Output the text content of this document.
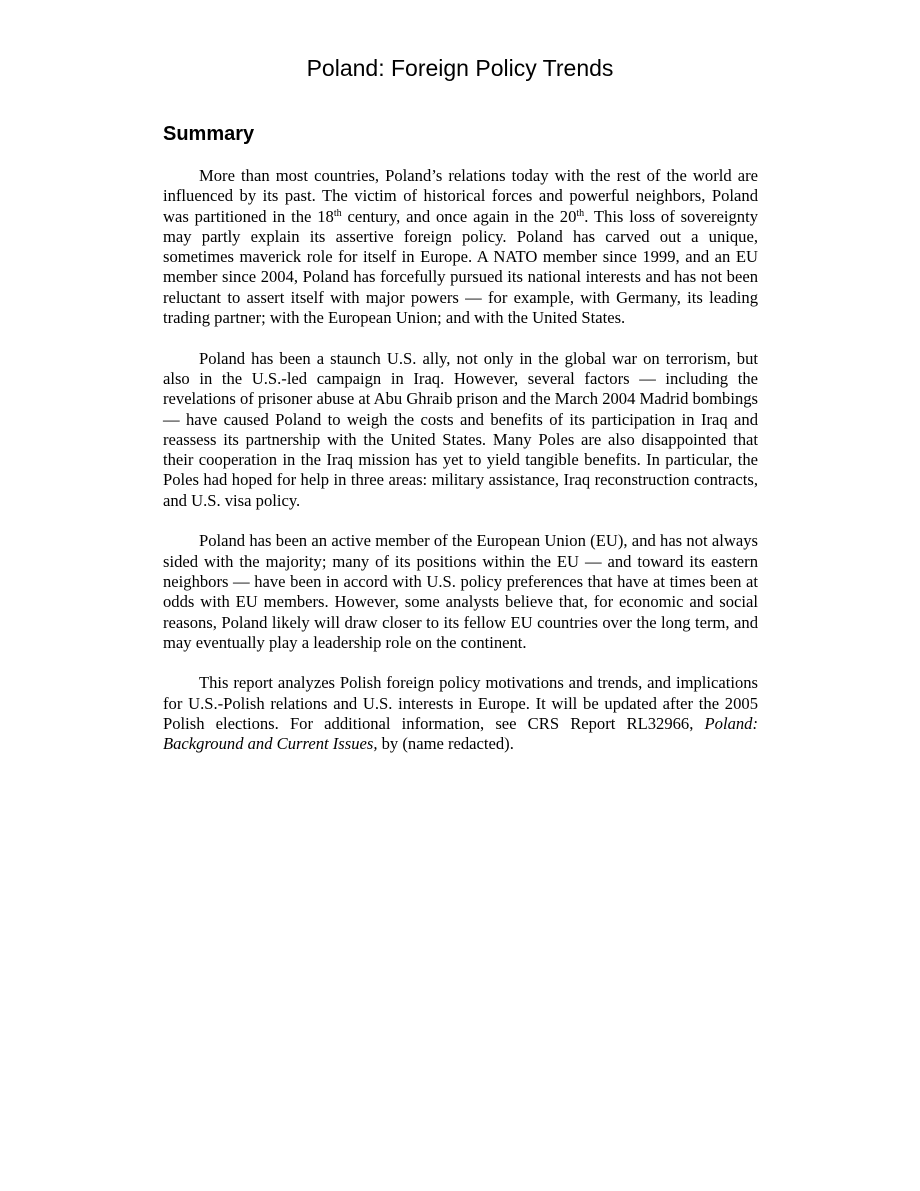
Poland: Foreign Policy Trends
Summary

More than most countries, Poland’s relations today with the rest of the world are influenced by its past. The victim of historical forces and powerful neighbors, Poland was partitioned in the 18th century, and once again in the 20th. This loss of sovereignty may partly explain its assertive foreign policy. Poland has carved out a unique, sometimes maverick role for itself in Europe. A NATO member since 1999, and an EU member since 2004, Poland has forcefully pursued its national interests and has not been reluctant to assert itself with major powers — for example, with Germany, its leading trading partner; with the European Union; and with the United States.

Poland has been a staunch U.S. ally, not only in the global war on terrorism, but also in the U.S.-led campaign in Iraq. However, several factors — including the revelations of prisoner abuse at Abu Ghraib prison and the March 2004 Madrid bombings — have caused Poland to weigh the costs and benefits of its participation in Iraq and reassess its partnership with the United States. Many Poles are also disappointed that their cooperation in the Iraq mission has yet to yield tangible benefits. In particular, the Poles had hoped for help in three areas: military assistance, Iraq reconstruction contracts, and U.S. visa policy.

Poland has been an active member of the European Union (EU), and has not always sided with the majority; many of its positions within the EU — and toward its eastern neighbors — have been in accord with U.S. policy preferences that have at times been at odds with EU members. However, some analysts believe that, for economic and social reasons, Poland likely will draw closer to its fellow EU countries over the long term, and may eventually play a leadership role on the continent.

This report analyzes Polish foreign policy motivations and trends, and implications for U.S.-Polish relations and U.S. interests in Europe. It will be updated after the 2005 Polish elections. For additional information, see CRS Report RL32966, Poland: Background and Current Issues, by (name redacted).
